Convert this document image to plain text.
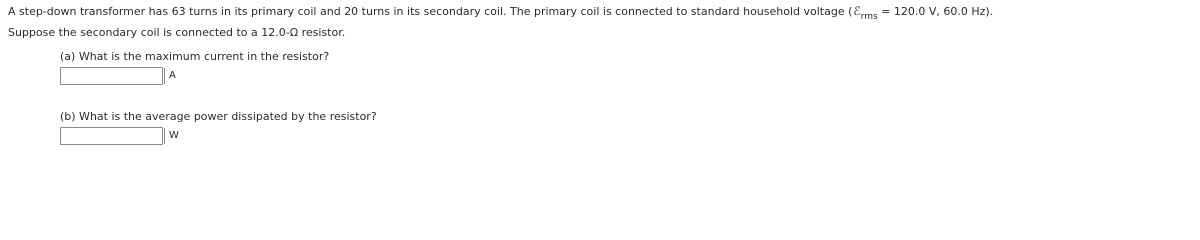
A step-down transformer has 63 turns in its primary coil and 20 turns in its secondary coil. The primary coil is connected to standard household voltage (ℰ$_{rms}$ = 120.0 V, 60.0 Hz).
Suppose the secondary coil is connected to a 12.0-Ω resistor.
(a) What is the maximum current in the resistor?
A
(b) What is the average power dissipated by the resistor?
W
